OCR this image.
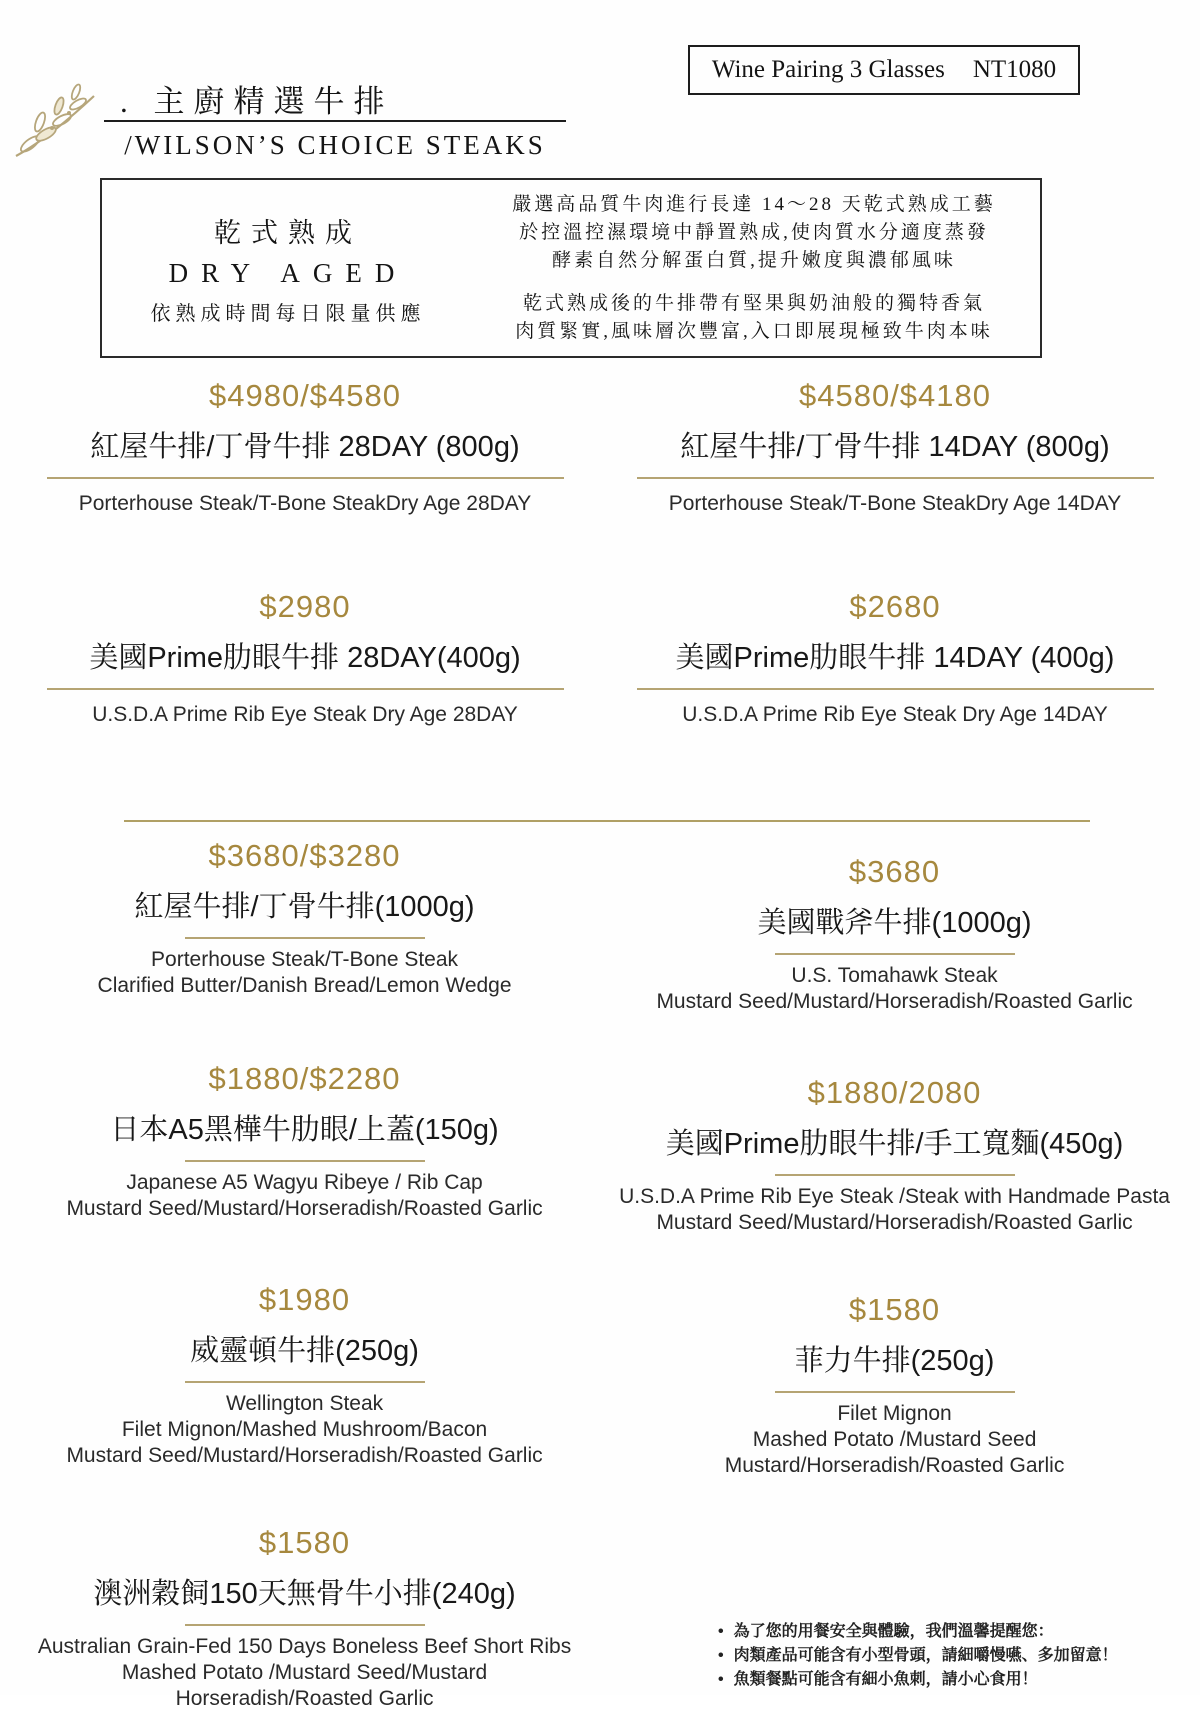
. 主廚精選牛排
/WILSON’S CHOICE STEAKS
Wine Pairing 3 Glasses NT1080
乾式熟成
DRY AGED
依熟成時間每日限量供應
嚴選高品質牛肉進行長達 14～28 天乾式熟成工藝
於控溫控濕環境中靜置熟成,使肉質水分適度蒸發
酵素自然分解蛋白質,提升嫩度與濃郁風味
乾式熟成後的牛排帶有堅果與奶油般的獨特香氣
肉質緊實,風味層次豐富,入口即展現極致牛肉本味
$4980/$4580
紅屋牛排/丁骨牛排 28DAY (800g)
Porterhouse Steak/T-Bone SteakDry Age 28DAY
$4580/$4180
紅屋牛排/丁骨牛排 14DAY (800g)
Porterhouse Steak/T-Bone SteakDry Age 14DAY
$2980
美國Prime肋眼牛排 28DAY(400g)
U.S.D.A Prime Rib Eye Steak Dry Age 28DAY
$2680
美國Prime肋眼牛排 14DAY (400g)
U.S.D.A Prime Rib Eye Steak Dry Age 14DAY
$3680/$3280
紅屋牛排/丁骨牛排(1000g)
Porterhouse Steak/T-Bone Steak
Clarified Butter/Danish Bread/Lemon Wedge
$3680
美國戰斧牛排(1000g)
U.S. Tomahawk Steak
Mustard Seed/Mustard/Horseradish/Roasted Garlic
$1880/$2280
日本A5黑樺牛肋眼/上蓋(150g)
Japanese A5 Wagyu Ribeye / Rib Cap
Mustard Seed/Mustard/Horseradish/Roasted Garlic
$1880/2080
美國Prime肋眼牛排/手工寬麵(450g)
U.S.D.A Prime Rib Eye Steak /Steak with Handmade Pasta
Mustard Seed/Mustard/Horseradish/Roasted Garlic
$1980
威靈頓牛排(250g)
Wellington Steak
Filet Mignon/Mashed Mushroom/Bacon
Mustard Seed/Mustard/Horseradish/Roasted Garlic
$1580
菲力牛排(250g)
Filet Mignon
Mashed Potato /Mustard Seed
Mustard/Horseradish/Roasted Garlic
$1580
澳洲穀飼150天無骨牛小排(240g)
Australian Grain-Fed 150 Days Boneless Beef Short Ribs
Mashed Potato /Mustard Seed/Mustard
Horseradish/Roasted Garlic
• 為了您的用餐安全與體驗，我們溫馨提醒您：
• 肉類產品可能含有小型骨頭，請細嚼慢嚥、多加留意！
• 魚類餐點可能含有細小魚刺，請小心食用！
